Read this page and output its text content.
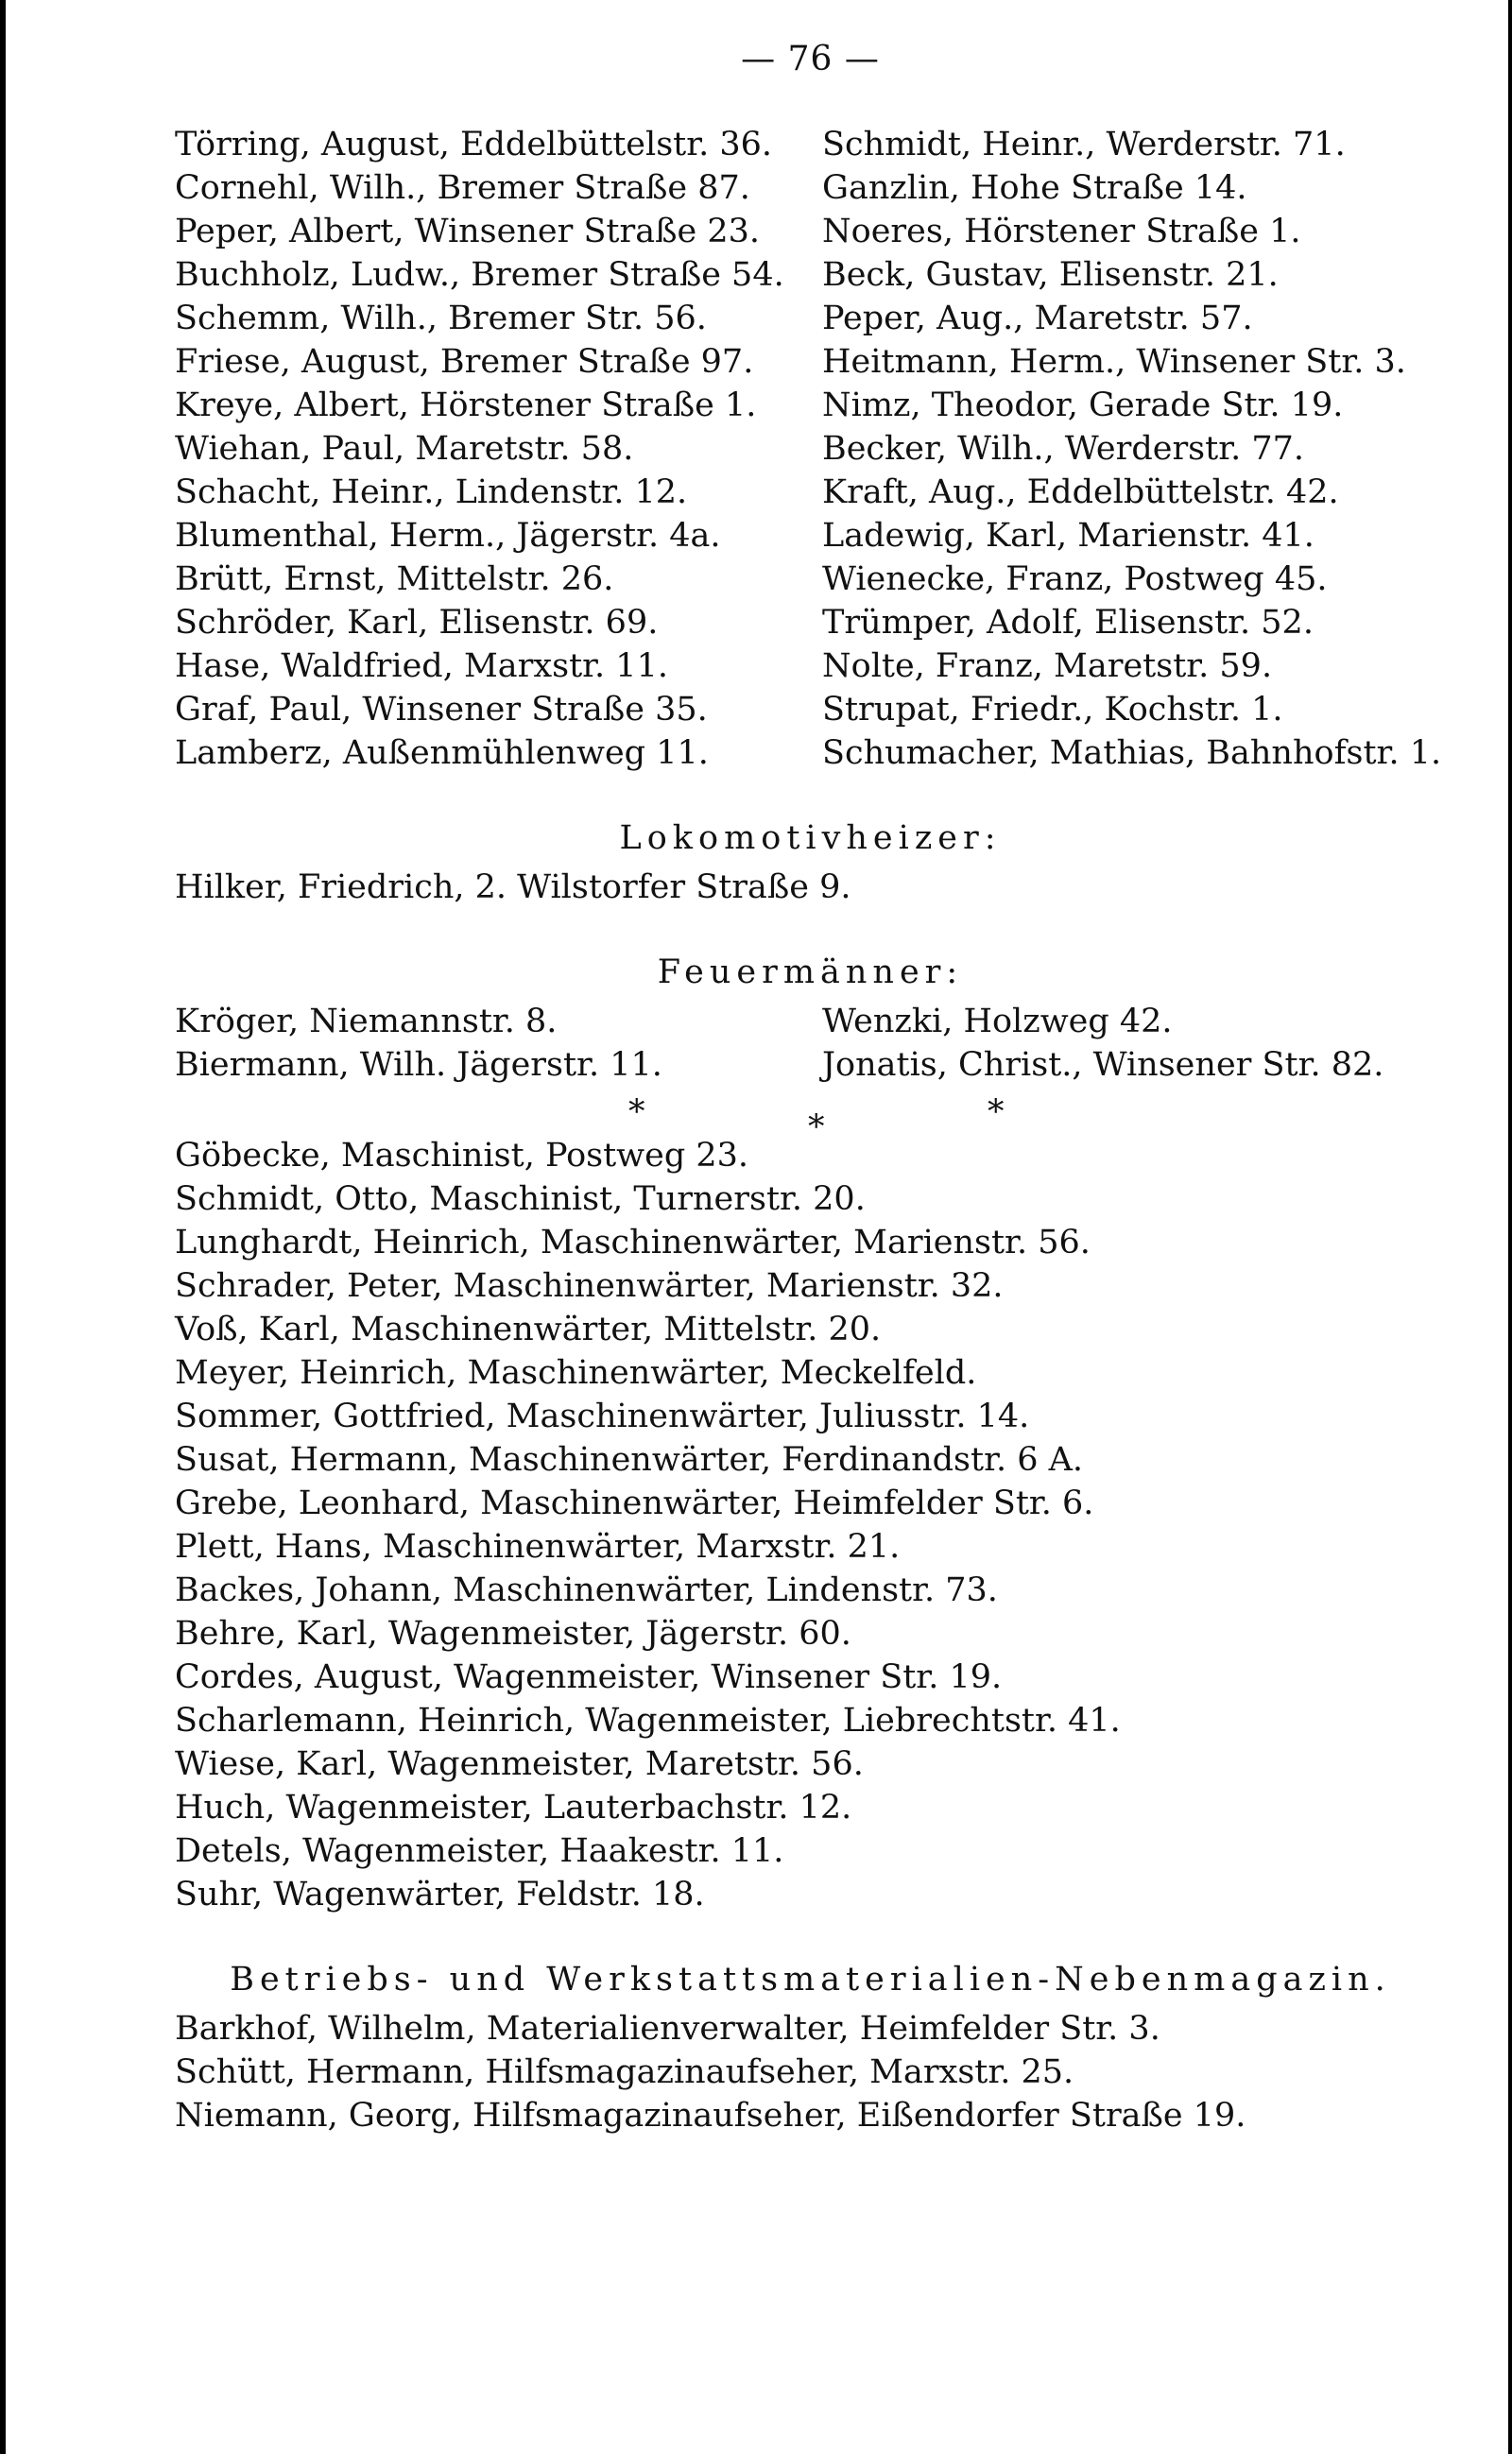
— 76 —
Törring, August, Eddelbüttelstr. 36.
Cornehl, Wilh., Bremer Straße 87.
Peper, Albert, Winsener Straße 23.
Buchholz, Ludw., Bremer Straße 54.
Schemm, Wilh., Bremer Str. 56.
Friese, August, Bremer Straße 97.
Kreye, Albert, Hörstener Straße 1.
Wiehan, Paul, Maretstr. 58.
Schacht, Heinr., Lindenstr. 12.
Blumenthal, Herm., Jägerstr. 4a.
Brütt, Ernst, Mittelstr. 26.
Schröder, Karl, Elisenstr. 69.
Hase, Waldfried, Marxstr. 11.
Graf, Paul, Winsener Straße 35.
Lamberz, Außenmühlenweg 11.
Schmidt, Heinr., Werderstr. 71.
Ganzlin, Hohe Straße 14.
Noeres, Hörstener Straße 1.
Beck, Gustav, Elisenstr. 21.
Peper, Aug., Maretstr. 57.
Heitmann, Herm., Winsener Str. 3.
Nimz, Theodor, Gerade Str. 19.
Becker, Wilh., Werderstr. 77.
Kraft, Aug., Eddelbüttelstr. 42.
Ladewig, Karl, Marienstr. 41.
Wienecke, Franz, Postweg 45.
Trümper, Adolf, Elisenstr. 52.
Nolte, Franz, Maretstr. 59.
Strupat, Friedr., Kochstr. 1.
Schumacher, Mathias, Bahnhofstr. 1.
Lokomotivheizer:
Hilker, Friedrich, 2. Wilstorfer Straße 9.
Feuermänner:
Kröger, Niemannstr. 8.
Biermann, Wilh. Jägerstr. 11.
Wenzki, Holzweg 42.
Jonatis, Christ., Winsener Str. 82.
*	*	*
Göbecke, Maschinist, Postweg 23.
Schmidt, Otto, Maschinist, Turnerstr. 20.
Lunghardt, Heinrich, Maschinenwärter, Marienstr. 56.
Schrader, Peter, Maschinenwärter, Marienstr. 32.
Voß, Karl, Maschinenwärter, Mittelstr. 20.
Meyer, Heinrich, Maschinenwärter, Meckelfeld.
Sommer, Gottfried, Maschinenwärter, Juliusstr. 14.
Susat, Hermann, Maschinenwärter, Ferdinandstr. 6 A.
Grebe, Leonhard, Maschinenwärter, Heimfelder Str. 6.
Plett, Hans, Maschinenwärter, Marxstr. 21.
Backes, Johann, Maschinenwärter, Lindenstr. 73.
Behre, Karl, Wagenmeister, Jägerstr. 60.
Cordes, August, Wagenmeister, Winsener Str. 19.
Scharlemann, Heinrich, Wagenmeister, Liebrechtstr. 41.
Wiese, Karl, Wagenmeister, Maretstr. 56.
Huch, Wagenmeister, Lauterbachstr. 12.
Detels, Wagenmeister, Haakestr. 11.
Suhr, Wagenwärter, Feldstr. 18.
Betriebs- und Werkstattsmaterialien-Nebenmagazin.
Barkhof, Wilhelm, Materialienverwalter, Heimfelder Str. 3.
Schütt, Hermann, Hilfsmagazinaufseher, Marxstr. 25.
Niemann, Georg, Hilfsmagazinaufseher, Eißendorfer Straße 19.
